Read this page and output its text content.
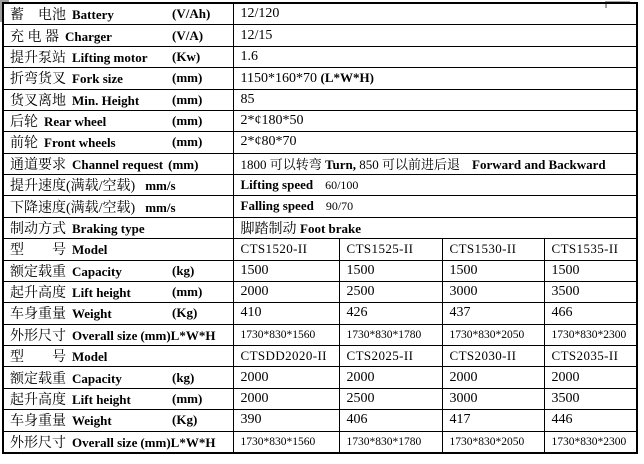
蓄　电池 Battery (V/Ah)	12/120			
充 电 器 Charger (V/A)	12/15			
提升泵站 Lifting motor (Kw)	1.6			
折弯货叉 Fork size (mm)	1150*160*70 (L*W*H)			
货叉离地 Min. Height (mm)	85			
后轮 Rear wheel (mm)	2*¢180*50			
前轮 Front wheels (mm)	2*¢80*70			
通道要求 Channel request (mm)	1800 可以转弯 Turn, 850 可以前进后退 Forward and Backward			
提升速度(满载/空载) mm/s	Lifting speed 60/100			
下降速度(满载/空载) mm/s	Falling speed 90/70			
制动方式 Braking type	脚踏制动 Foot brake			
型　　号 Model	CTS1520-II	CTS1525-II	CTS1530-II	CTS1535-II
额定载重 Capacity (kg)	1500	1500	1500	1500
起升高度 Lift height (mm)	2000	2500	3000	3500
车身重量 Weight (Kg)	410	426	437	466
外形尺寸 Overall size (mm)L*W*H	1730*830*1560	1730*830*1780	1730*830*2050	1730*830*2300
型　　号 Model	CTSDD2020-II	CTS2025-II	CTS2030-II	CTS2035-II
额定载重 Capacity (kg)	2000	2000	2000	2000
起升高度 Lift height (mm)	2000	2500	3000	3500
车身重量 Weight (Kg)	390	406	417	446
外形尺寸 Overall size (mm)L*W*H	1730*830*1560	1730*830*1780	1730*830*2050	1730*830*2300
